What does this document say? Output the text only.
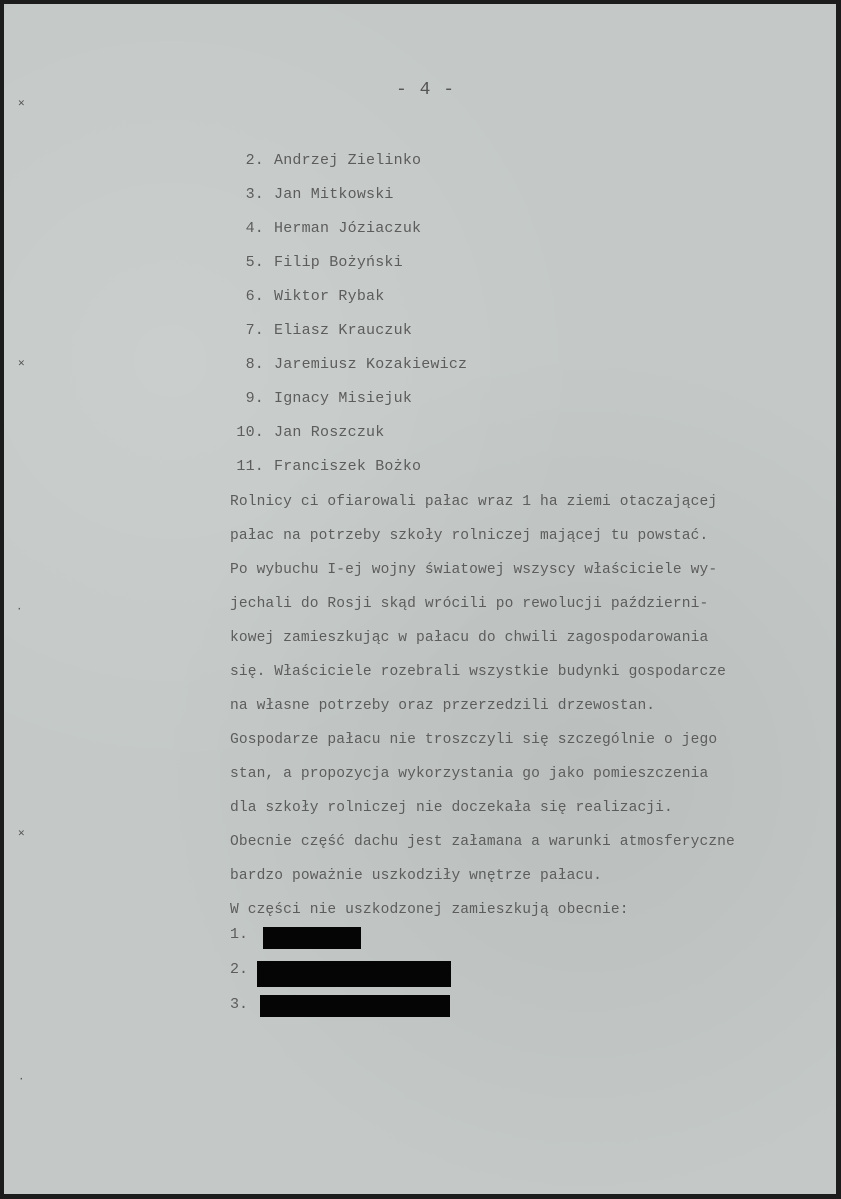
- 4 -
2. Andrzej Zielinko
3. Jan Mitkowski
4. Herman Józiaczuk
5. Filip Bożyński
6. Wiktor Rybak
7. Eliasz Krauczuk
8. Jaremiusz Kozakiewicz
9. Ignacy Misiejuk
10. Jan Roszczuk
11. Franciszek Bożko
Rolnicy ci ofiarowali pałac wraz 1 ha ziemi otaczającej
pałac na potrzeby szkoły rolniczej mającej tu powstać.
Po wybuchu I-ej wojny światowej wszyscy właściciele wy-
jechali do Rosji skąd wrócili po rewolucji październi-
kowej zamieszkując w pałacu do chwili zagospodarowania
się. Właściciele rozebrali wszystkie budynki gospodarcze
na własne potrzeby oraz przerzedzili drzewostan.
Gospodarze pałacu nie troszczyli się szczególnie o jego
stan, a propozycja wykorzystania go jako pomieszczenia
dla szkoły rolniczej nie doczekała się realizacji.
Obecnie część dachu jest załamana a warunki atmosferyczne
bardzo poważnie uszkodziły wnętrze pałacu.
W części nie uszkodzonej zamieszkują obecnie:
1.
2.
3.
✕
✕
·
✕
·
